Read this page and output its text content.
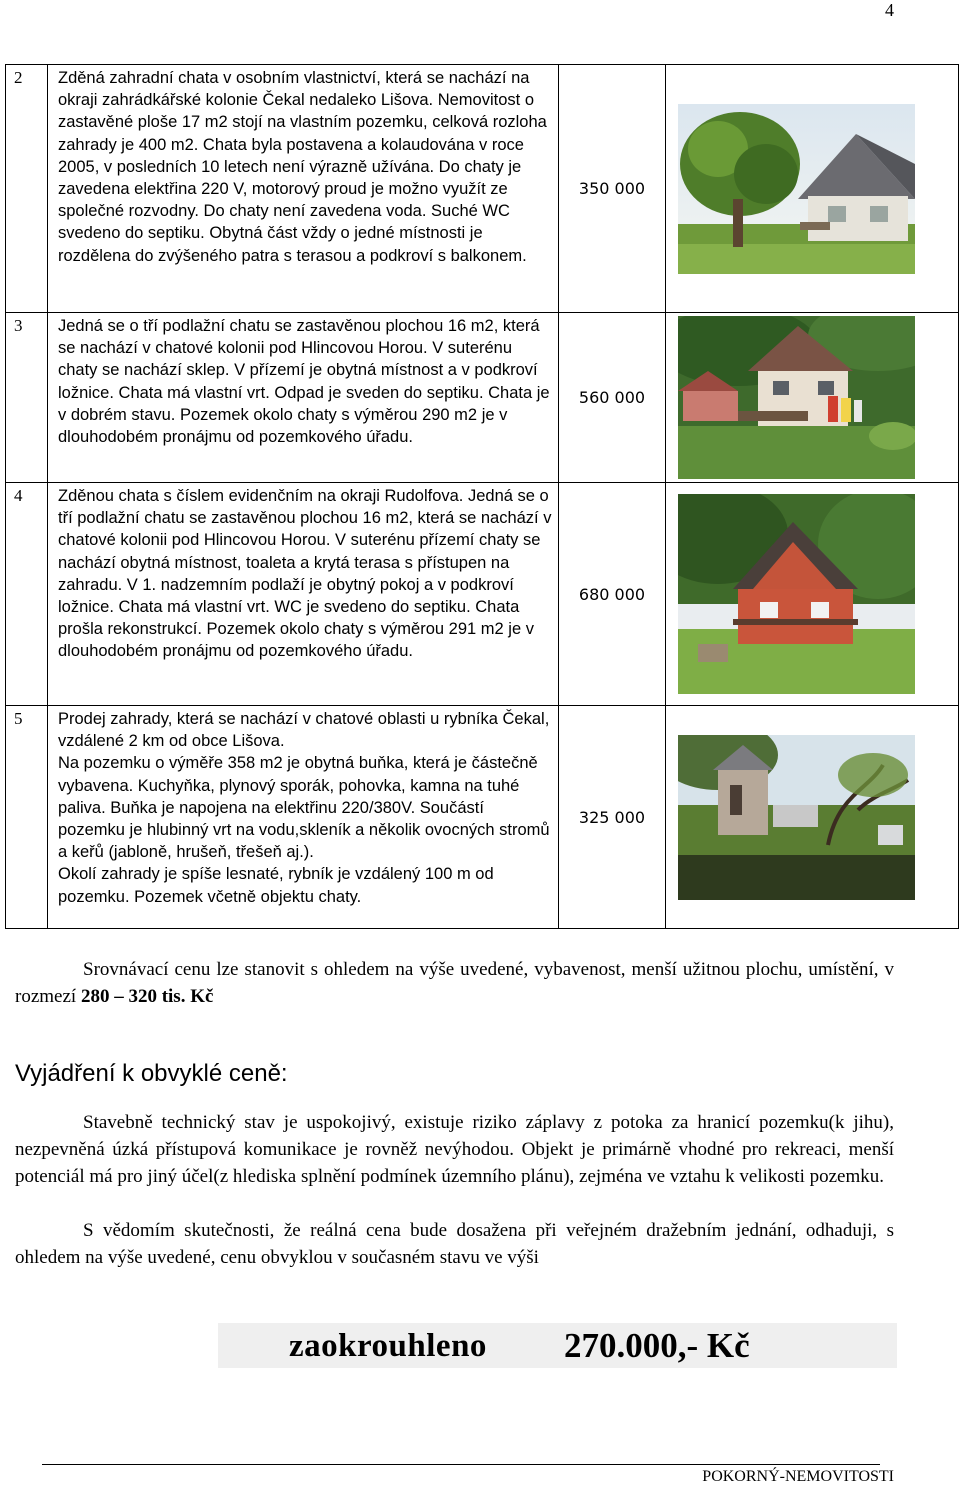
4
2	Zděná zahradní chata v osobním vlastnictví, která se nachází na okraji zahrádkářské kolonie Čekal nedaleko Lišova. Nemovitost o zastavěné ploše 17 m2 stojí na vlastním pozemku, celková rozloha zahrady je 400 m2. Chata byla postavena a kolaudována v roce 2005, v posledních 10 letech není výrazně užívána. Do chaty je zavedena elektřina 220 V, motorový proud je možno využít ze společné rozvodny. Do chaty není zavedena voda. Suché WC svedeno do septiku. Obytná část vždy o jedné místnosti je rozdělena do zvýšeného patra s terasou a podkroví s balkonem.	350 000	

3	Jedná se o tří podlažní chatu se zastavěnou plochou 16 m2, která se nachází v chatové kolonii pod Hlincovou Horou. V suterénu chaty se nachází sklep. V přízemí je obytná místnost a v podkroví ložnice. Chata má vlastní vrt. Odpad je sveden do septiku. Chata je v dobrém stavu. Pozemek okolo chaty s výměrou 290 m2 je v dlouhodobém pronájmu od pozemkového úřadu.	560 000	

4	Zděnou chata s číslem evidenčním na okraji Rudolfova. Jedná se o tří podlažní chatu se zastavěnou plochou 16 m2, která se nachází v chatové kolonii pod Hlincovou Horou. V suterénu přízemí chaty se nachází obytná místnost, toaleta a krytá terasa s přístupen na zahradu. V 1. nadzemním podlaží je obytný pokoj a v podkroví ložnice. Chata má vlastní vrt. WC je svedeno do septiku. Chata prošla rekonstrukcí. Pozemek okolo chaty s výměrou 291 m2 je v dlouhodobém pronájmu od pozemkového úřadu.	680 000	

5	Prodej zahrady, která se nachází v chatové oblasti u rybníka Čekal, vzdálené 2 km od obce Lišova.
Na pozemku o výměře 358 m2 je obytná buňka, která je částečně vybavena. Kuchyňka, plynový sporák, pohovka, kamna na tuhé paliva. Buňka je napojena na elektřinu 220/380V. Součástí pozemku je hlubinný vrt na vodu,skleník a několik ovocných stromů a keřů (jabloně, hrušeň, třešeň aj.).
Okolí zahrady je spíše lesnaté, rybník je vzdálený 100 m od pozemku. Pozemek včetně objektu chaty.	325 000	

Srovnávací cenu lze stanovit s ohledem na výše uvedené, vybavenost, menší užitnou plochu, umístění, v rozmezí 280 – 320 tis. Kč

Vyjádření k obvyklé ceně:

Stavebně technický stav je uspokojivý, existuje riziko záplavy z potoka za hranicí pozemku(k jihu), nezpevněná úzká přístupová komunikace je rovněž nevýhodou. Objekt je primárně vhodné pro rekreaci, menší potenciál má pro jiný účel(z hlediska splnění podmínek územního plánu), zejména ve vztahu k velikosti pozemku.

S vědomím skutečnosti, že reálná cena bude dosažena při veřejném dražebním jednání, odhaduji, s ohledem na výše uvedené, cenu obvyklou v současném stavu ve výši

zaokrouhleno 270.000,- Kč
POKORNÝ-NEMOVITOSTI
